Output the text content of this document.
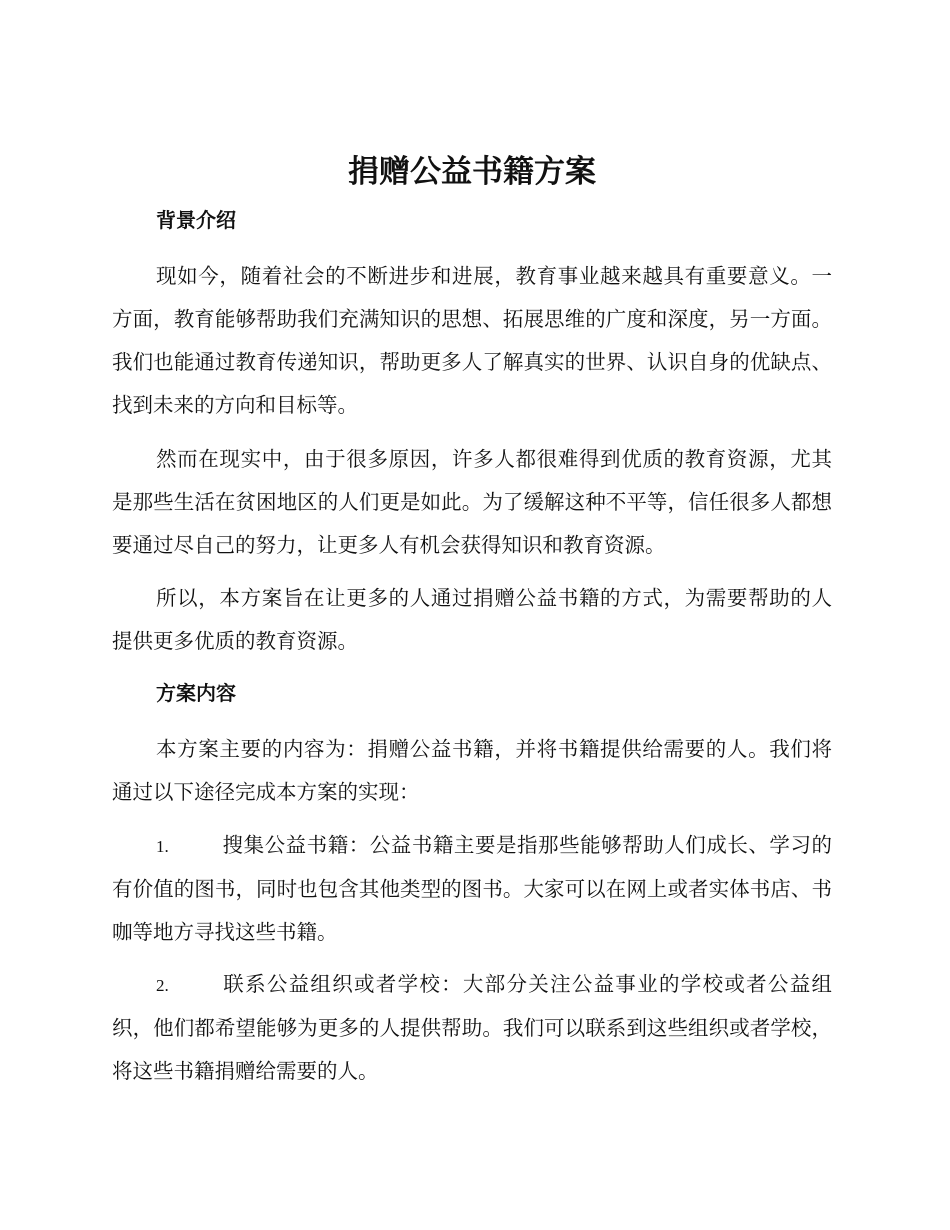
捐赠公益书籍方案
背景介绍

现如今，随着社会的不断进步和进展，教育事业越来越具有重要意义。一方面，教育能够帮助我们充满知识的思想、拓展思维的广度和深度，另一方面。我们也能通过教育传递知识，帮助更多人了解真实的世界、认识自身的优缺点、找到未来的方向和目标等。

然而在现实中，由于很多原因，许多人都很难得到优质的教育资源，尤其是那些生活在贫困地区的人们更是如此。为了缓解这种不平等，信任很多人都想要通过尽自己的努力，让更多人有机会获得知识和教育资源。

所以，本方案旨在让更多的人通过捐赠公益书籍的方式，为需要帮助的人提供更多优质的教育资源。

方案内容

本方案主要的内容为：捐赠公益书籍，并将书籍提供给需要的人。我们将通过以下途径完成本方案的实现：

1.	搜集公益书籍：公益书籍主要是指那些能够帮助人们成长、学习的有价值的图书，同时也包含其他类型的图书。大家可以在网上或者实体书店、书咖等地方寻找这些书籍。

2.	联系公益组织或者学校：大部分关注公益事业的学校或者公益组织，他们都希望能够为更多的人提供帮助。我们可以联系到这些组织或者学校，将这些书籍捐赠给需要的人。
